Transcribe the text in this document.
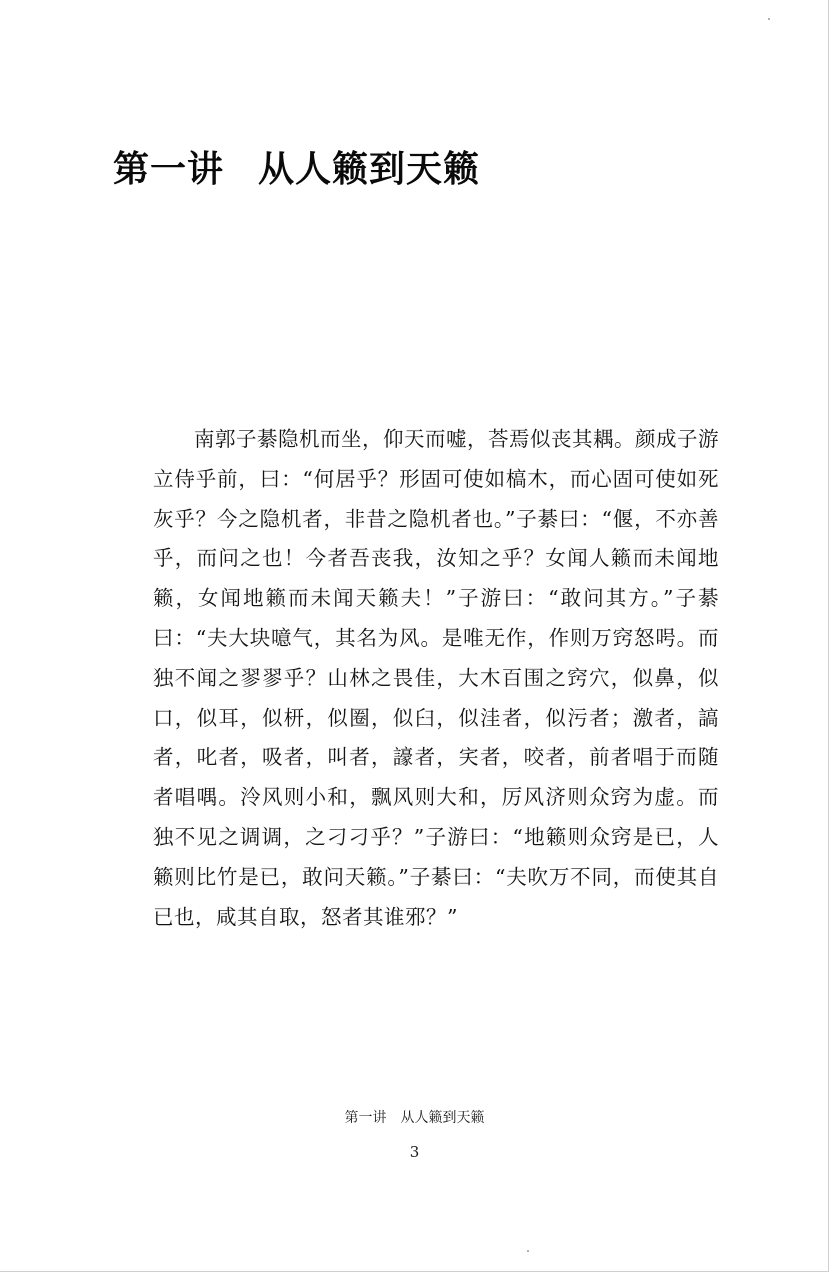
第一讲 从人籁到天籁

南郭子綦隐机而坐，仰天而嘘，荅焉似丧其耦。颜成子游立侍乎前，曰：“何居乎？形固可使如槁木，而心固可使如死灰乎？今之隐机者，非昔之隐机者也。”子綦曰：“偃，不亦善乎，而问之也！今者吾丧我，汝知之乎？女闻人籁而未闻地籁，女闻地籁而未闻天籁夫！”子游曰：“敢问其方。”子綦曰：“夫大块噫气，其名为风。是唯无作，作则万窍怒呺。而独不闻之翏翏乎？山林之畏佳，大木百围之窍穴，似鼻，似口，似耳，似枅，似圈，似臼，似洼者，似污者；激者，謞者，叱者，吸者，叫者，譹者，宎者，咬者，前者唱于而随者唱喁。泠风则小和，飘风则大和，厉风济则众窍为虚。而独不见之调调，之刁刁乎？”子游曰：“地籁则众窍是已，人籁则比竹是已，敢问天籁。”子綦曰：“夫吹万不同，而使其自已也，咸其自取，怒者其谁邪？”

第一讲 从人籁到天籁
3
